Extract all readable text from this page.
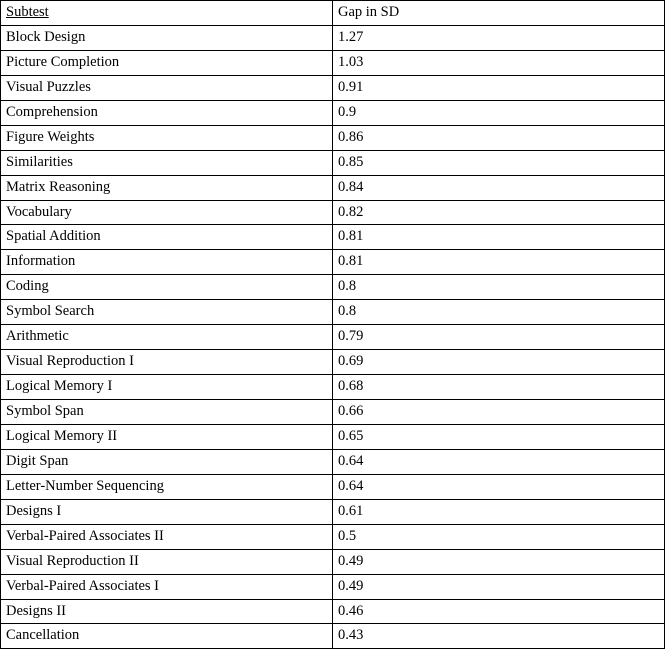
Subtest	Gap in SD
Block Design	1.27
Picture Completion	1.03
Visual Puzzles	0.91
Comprehension	0.9
Figure Weights	0.86
Similarities	0.85
Matrix Reasoning	0.84
Vocabulary	0.82
Spatial Addition	0.81
Information	0.81
Coding	0.8
Symbol Search	0.8
Arithmetic	0.79
Visual Reproduction I	0.69
Logical Memory I	0.68
Symbol Span	0.66
Logical Memory II	0.65
Digit Span	0.64
Letter-Number Sequencing	0.64
Designs I	0.61
Verbal-Paired Associates II	0.5
Visual Reproduction II	0.49
Verbal-Paired Associates I	0.49
Designs II	0.46
Cancellation	0.43
